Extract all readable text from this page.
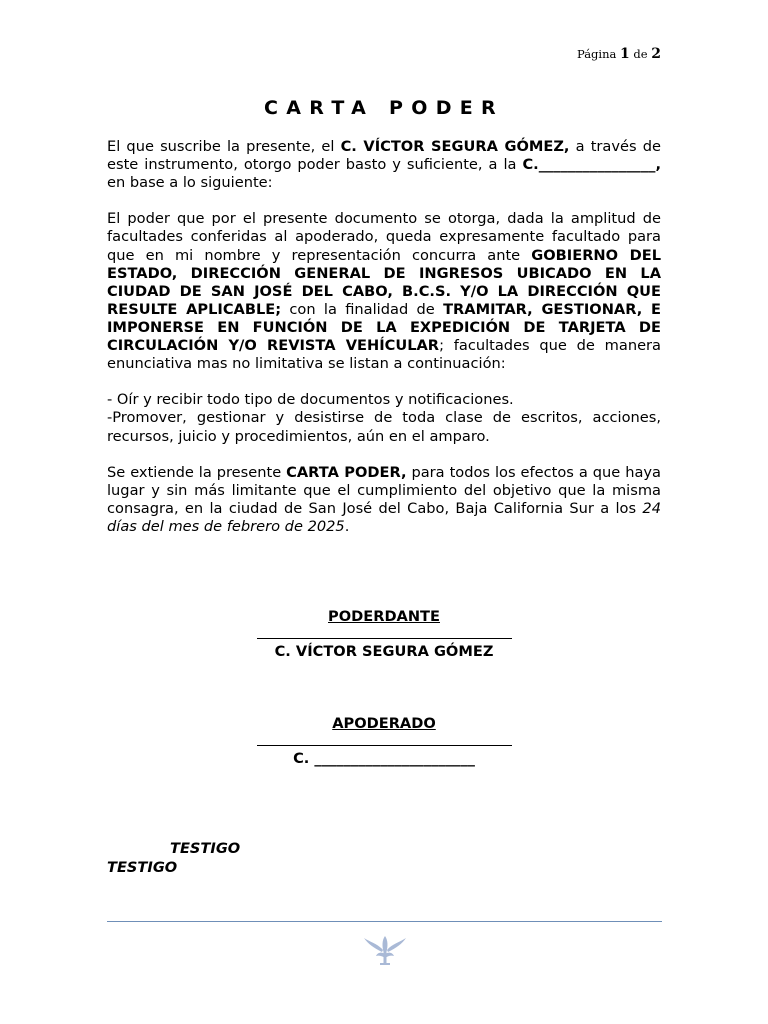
Página 1 de 2
CARTA PODER

El que suscribe la presente, el C. VÍCTOR SEGURA GÓMEZ, a través de este instrumento, otorgo poder basto y suficiente, a la C.________________, en base a lo siguiente:

El poder que por el presente documento se otorga, dada la amplitud de facultades conferidas al apoderado, queda expresamente facultado para que en mi nombre y representación concurra ante GOBIERNO DEL ESTADO, DIRECCIÓN GENERAL DE INGRESOS UBICADO EN LA CIUDAD DE SAN JOSÉ DEL CABO, B.C.S. Y/O LA DIRECCIÓN QUE RESULTE APLICABLE; con la finalidad de TRAMITAR, GESTIONAR, E IMPONERSE EN FUNCIÓN DE LA EXPEDICIÓN DE TARJETA DE CIRCULACIÓN Y/O REVISTA VEHÍCULAR; facultades que de manera enunciativa mas no limitativa se listan a continuación:

- Oír y recibir todo tipo de documentos y notificaciones.

-Promover, gestionar y desistirse de toda clase de escritos, acciones, recursos, juicio y procedimientos, aún en el amparo.

Se extiende la presente CARTA PODER, para todos los efectos a que haya lugar y sin más limitante que el cumplimiento del objetivo que la misma consagra, en la ciudad de San José del Cabo, Baja California Sur a los 24 días del mes de febrero de 2025.

PODERDANTE
C. VÍCTOR SEGURA GÓMEZ
APODERADO
C. ______________________
TESTIGO
TESTIGO
